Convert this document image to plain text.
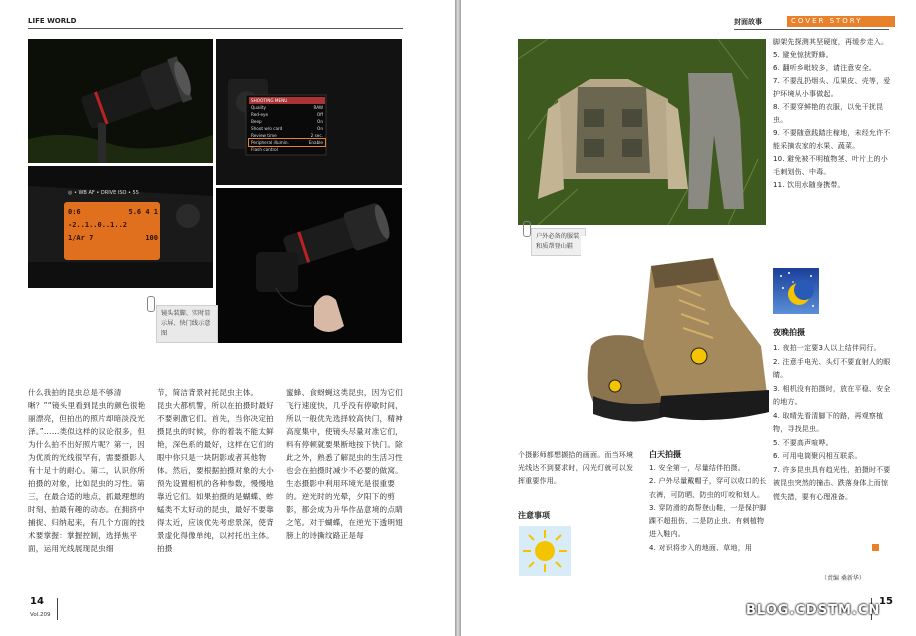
LIFE WORLD
SHOOTING MENU
Quality	RAW
Red-eye	Off
Beep	On
Shoot w/o card	On
Review time	2 sec.
Peripheral illumin.	Enable
Flash control
◎ • WB AF • DRIVE ISO • 55
0:6	5.6 4 1
-2..1..0..1..2
1/Ar 7	100
镜头装脚、实时显示屏、快门线示意图
什么我拍的昆虫总是不够清晰？”“镜头里看到昆虫的颜色很艳丽漂亮，但拍出的照片却暗淡没光泽。”……类似这样的议论很多，但为什么拍不出好照片呢？第一，因为优质的光线很罕有，需要摄影人有十足十的耐心。第二，认识你所拍摄的对象，比如昆虫的习性。第三，在最合适的地点、抓最理想的时刻、拍最有趣的动态。在拥挤中捕捉、归纳起来，有几个方面的技术要掌握：掌握控制，选择焦平面，运用光线展现昆虫细
节，简洁背景衬托昆虫主体。　　昆虫大都机警，所以在拍摄时最好不要刺激它们。首先，当你决定拍摄昆虫的时候，你的着装不能太鲜艳，深色系的最好，这样在它们的眼中你只是一块阴影或者其他物体。然后，要根据拍摄对象的大小预先设置相机的各种参数，慢慢地靠近它们。如果拍摄的是蝴蝶、蚱蜢类不太好动的昆虫，最好不要靠得太近，应该优先考虑景深，使背景虚化得像单纯，以衬托出主体。拍摄
蜜蜂、食蚜蝇这类昆虫，因为它们飞行速度快，几乎没有停歇时间，所以一般优先选择较高快门，精神高度集中，使镜头尽量对准它们，料有停顿就要果断地按下快门。除此之外，熟悉了解昆虫的生活习性也会在拍摄时减少不必要的做窝。　　生态摄影中利用环境光是很重要的。逆光时的光晕，夕阳下的剪影，都会成为升华作品意境的点睛之笔。对于蝴蝶，在逆光下透明翅膀上的诗撕纹路正是每
14
Vol.209
封面故事	COVER STORY
户外必备的服装和质帮登山鞋
脚架先探测其坚硬度，再缓步走入。
5. 避免惊扰野蜂。
6. 翻听乡毗较多，请注意安全。
7. 不要乱扔烟头、瓜果皮、壳等，爱护环境从小事做起。
8. 不要穿鲜艳的衣服，以免干扰昆虫。
9. 不要随意践踏庄稼地，未经允许不能采摘农家的水果、蔬菜。
10. 避免被不明植物茎、叶片上的小毛刺划伤、中毒。
11. 饮用水随身携带。
夜晚拍摄
1. 夜拍一定要3人以上结伴同行。
2. 注意手电光、头灯不要直射人的眼睛。
3. 相机没有拍摄时，放在平稳、安全的地方。
4. 取晴先看清脚下的路，再观察植物，寻找昆虫。
5. 不要高声喧哗。
6. 可用电筒聚闪相互联系。
7. 许多昆虫具有趋光性，拍摄时不要被昆虫突然的撞击、跌落身体上而惊慌失措，要有心理准备。
个摄影师都想撷拾的画面。而当环境光线达不到要求时，闪光灯就可以发挥重要作用。
注意事项
白天拍摄
1. 安全第一，尽量结伴拍摄。
2. 户外尽量戴帽子，穿可以收口的长衣裤，可防晒、防虫的叮咬和划人。
3. 穿防滑的高帮登山鞋，一是保护脚踝不超扭伤，二是防止虫、有刺植物进入鞋内。
4. 对识将步入的地面、草地，用
（责编 桑新华）
15
BLOG.CDSTM.CN
